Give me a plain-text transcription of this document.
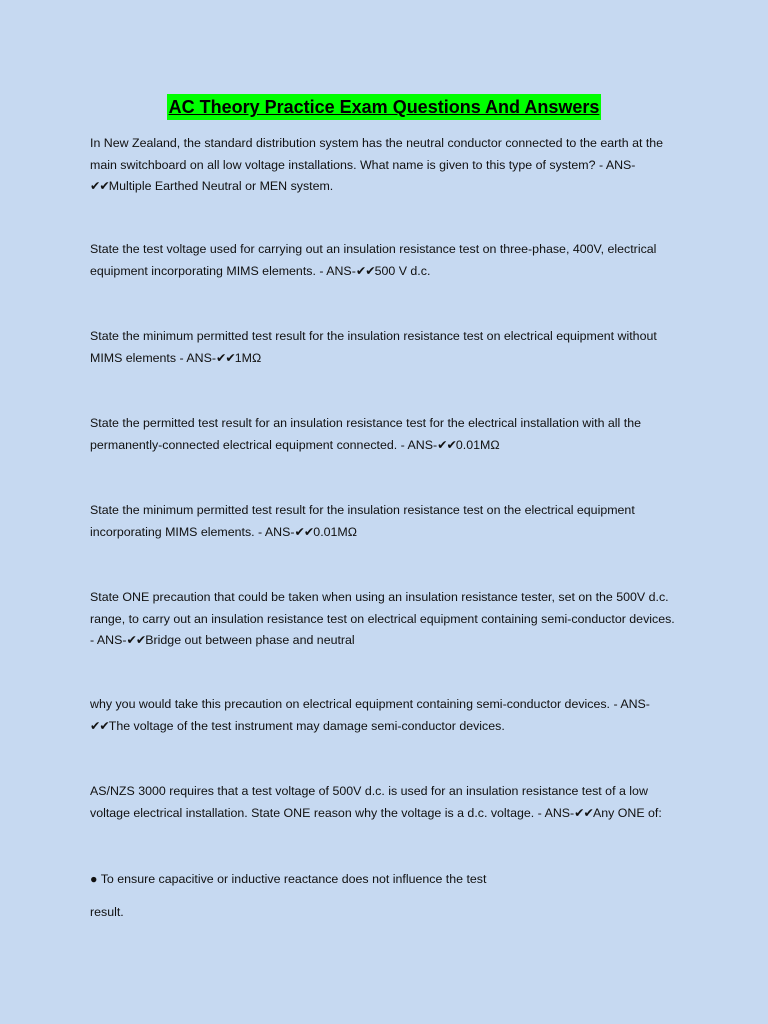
AC Theory Practice Exam Questions And Answers

In New Zealand, the standard distribution system has the neutral conductor connected to the earth at the main switchboard on all low voltage installations. What name is given to this type of system? - ANS-✔✔Multiple Earthed Neutral or MEN system.

State the test voltage used for carrying out an insulation resistance test on three-phase, 400V, electrical equipment incorporating MIMS elements. - ANS-✔✔500 V d.c.

State the minimum permitted test result for the insulation resistance test on electrical equipment without MIMS elements - ANS-✔✔1MΩ

State the permitted test result for an insulation resistance test for the electrical installation with all the permanently-connected electrical equipment connected. - ANS-✔✔0.01MΩ

State the minimum permitted test result for the insulation resistance test on the electrical equipment incorporating MIMS elements. - ANS-✔✔0.01MΩ

State ONE precaution that could be taken when using an insulation resistance tester, set on the 500V d.c. range, to carry out an insulation resistance test on electrical equipment containing semi-conductor devices. - ANS-✔✔Bridge out between phase and neutral

why you would take this precaution on electrical equipment containing semi-conductor devices. - ANS-✔✔The voltage of the test instrument may damage semi-conductor devices.

AS/NZS 3000 requires that a test voltage of 500V d.c. is used for an insulation resistance test of a low voltage electrical installation. State ONE reason why the voltage is a d.c. voltage. - ANS-✔✔Any ONE of:

● To ensure capacitive or inductive reactance does not influence the test

result.
